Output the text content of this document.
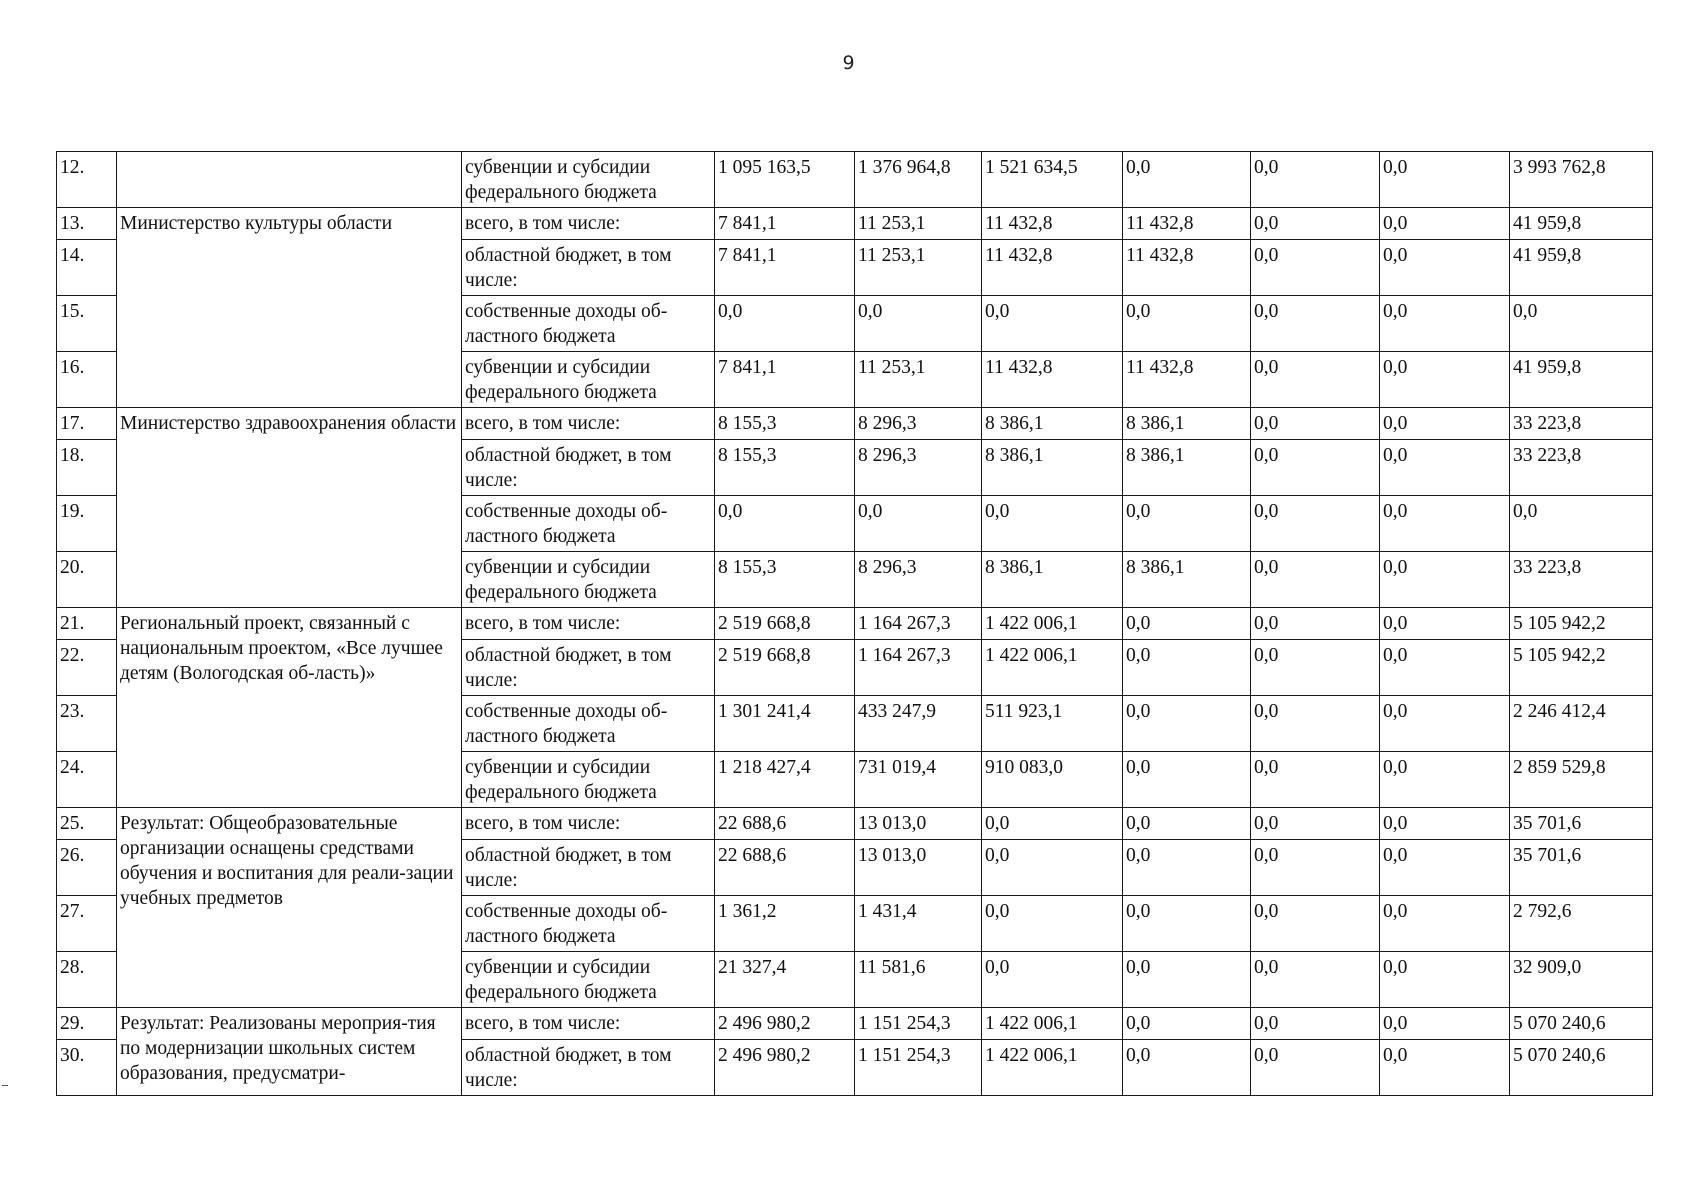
9
12.		субвенции и субсидии федерального бюджета	1 095 163,5	1 376 964,8	1 521 634,5	0,0	0,0	0,0	3 993 762,8
13.	Министерство культуры области	всего, в том числе:	7 841,1	11 253,1	11 432,8	11 432,8	0,0	0,0	41 959,8
14.		областной бюджет, в том числе:	7 841,1	11 253,1	11 432,8	11 432,8	0,0	0,0	41 959,8
15.		собственные доходы об-ластного бюджета	0,0	0,0	0,0	0,0	0,0	0,0	0,0
16.		субвенции и субсидии федерального бюджета	7 841,1	11 253,1	11 432,8	11 432,8	0,0	0,0	41 959,8
17.	Министерство здравоохранения области	всего, в том числе:	8 155,3	8 296,3	8 386,1	8 386,1	0,0	0,0	33 223,8
18.		областной бюджет, в том числе:	8 155,3	8 296,3	8 386,1	8 386,1	0,0	0,0	33 223,8
19.		собственные доходы об-ластного бюджета	0,0	0,0	0,0	0,0	0,0	0,0	0,0
20.		субвенции и субсидии федерального бюджета	8 155,3	8 296,3	8 386,1	8 386,1	0,0	0,0	33 223,8
21.	Региональный проект, связанный с национальным проектом, «Все лучшее детям (Вологодская об-ласть)»	всего, в том числе:	2 519 668,8	1 164 267,3	1 422 006,1	0,0	0,0	0,0	5 105 942,2
22.		областной бюджет, в том числе:	2 519 668,8	1 164 267,3	1 422 006,1	0,0	0,0	0,0	5 105 942,2
23.		собственные доходы об-ластного бюджета	1 301 241,4	433 247,9	511 923,1	0,0	0,0	0,0	2 246 412,4
24.		субвенции и субсидии федерального бюджета	1 218 427,4	731 019,4	910 083,0	0,0	0,0	0,0	2 859 529,8
25.	Результат: Общеобразовательные организации оснащены средствами обучения и воспитания для реали-зации учебных предметов	всего, в том числе:	22 688,6	13 013,0	0,0	0,0	0,0	0,0	35 701,6
26.		областной бюджет, в том числе:	22 688,6	13 013,0	0,0	0,0	0,0	0,0	35 701,6
27.		собственные доходы об-ластного бюджета	1 361,2	1 431,4	0,0	0,0	0,0	0,0	2 792,6
28.		субвенции и субсидии федерального бюджета	21 327,4	11 581,6	0,0	0,0	0,0	0,0	32 909,0
29.	Результат: Реализованы мероприя-тия по модернизации школьных систем образования, предусматри-	всего, в том числе:	2 496 980,2	1 151 254,3	1 422 006,1	0,0	0,0	0,0	5 070 240,6
30.		областной бюджет, в том числе:	2 496 980,2	1 151 254,3	1 422 006,1	0,0	0,0	0,0	5 070 240,6
